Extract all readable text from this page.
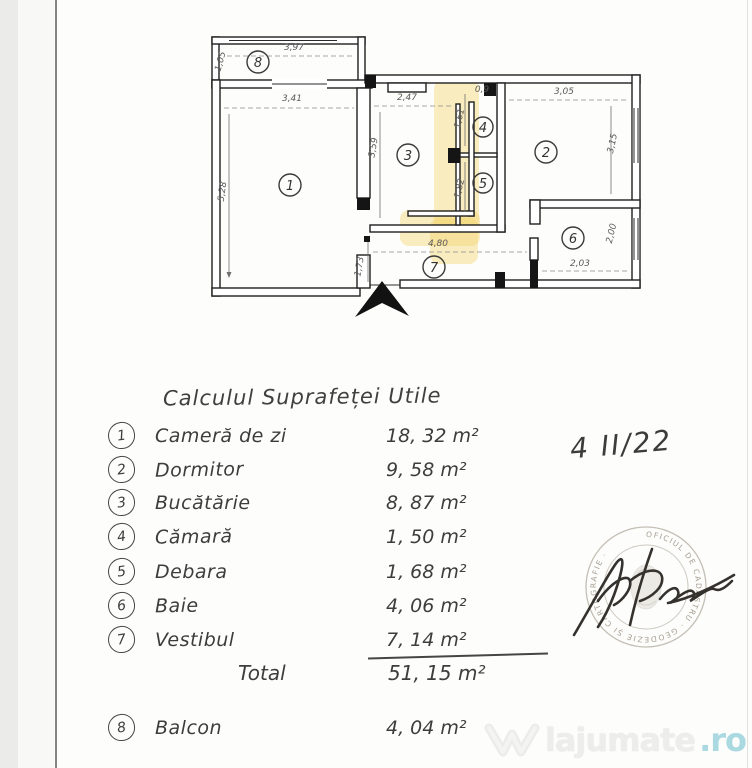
3,97
1,05
3,41
5,28
2,47
3,59
0,9
1,61
1,82
3,05
3,15
2,03
2,00
4,80
1,73
1
2
3
4
5
6
7
8
Calculul Suprafeței Utile
1	Cameră de zi	18, 32 m²
2	Dormitor	9, 58 m²
3	Bucătărie	8, 87 m²
4	Cămară	1, 50 m²
5	Debara	1, 68 m²
6	Baie	4, 06 m²
7	Vestibul	7, 14 m²
Total	51, 15 m²
8	Balcon	4, 04 m²
4 II/22
OFICIUL DE CADASTRU · GEODEZIE ȘI CARTOGRAFIE ·
lajumate .ro
